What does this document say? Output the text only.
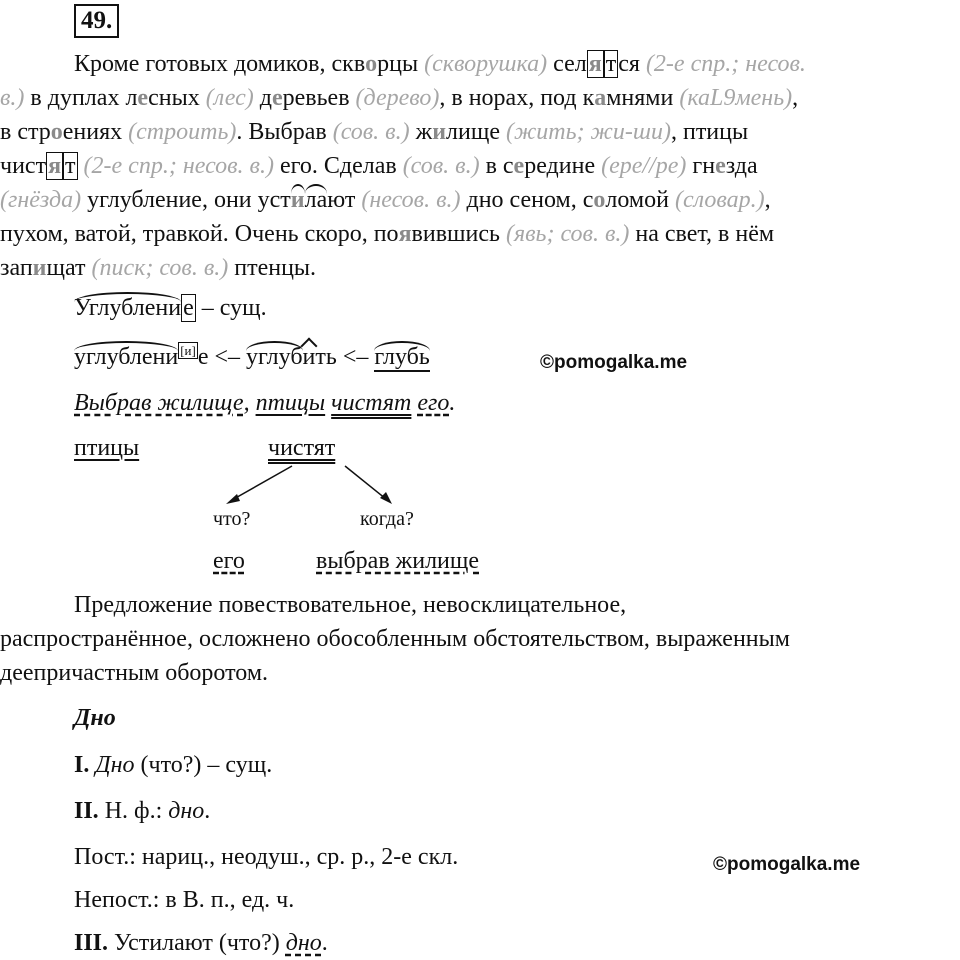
49.
Кроме готовых домиков, скворцы (скворушка) селя тся (2-е спр.; несов.
в.) в дуплах лесных (лес) деревьев (дерево), в норах, под камнями (каL9мень),
в строениях (строить). Выбрав (сов. в.) жилище (жить; жи-ши), птицы
чистя т (2-е спр.; несов. в.) его. Сделав (сов. в.) в середине (ере//ре) гнезда
(гнёзда) углубление, они устилают (несов. в.) дно сеном, соломой (словар.),
пухом, ватой, травкой. Очень скоро, появившись (явь; сов. в.) на свет, в нём
запищат (писк; сов. в.) птенцы.
Углубление – сущ.
углублени [и]е <– углубить <– глубь	©pomogalka.me
Выбрав жилище, птицы чистят его.
птицы	чистят
что?	когда?
его	выбрав жилище
Предложение повествовательное, невосклицательное,
распространённое, осложнено обособленным обстоятельством, выраженным
деепричастным оборотом.
Дно
I. Дно (что?) – сущ.
II. Н. ф.: дно.
Пост.: нариц., неодуш., ср. р., 2-е скл.	©pomogalka.me
Непост.: в В. п., ед. ч.
III. Устилают (что?) дно.
